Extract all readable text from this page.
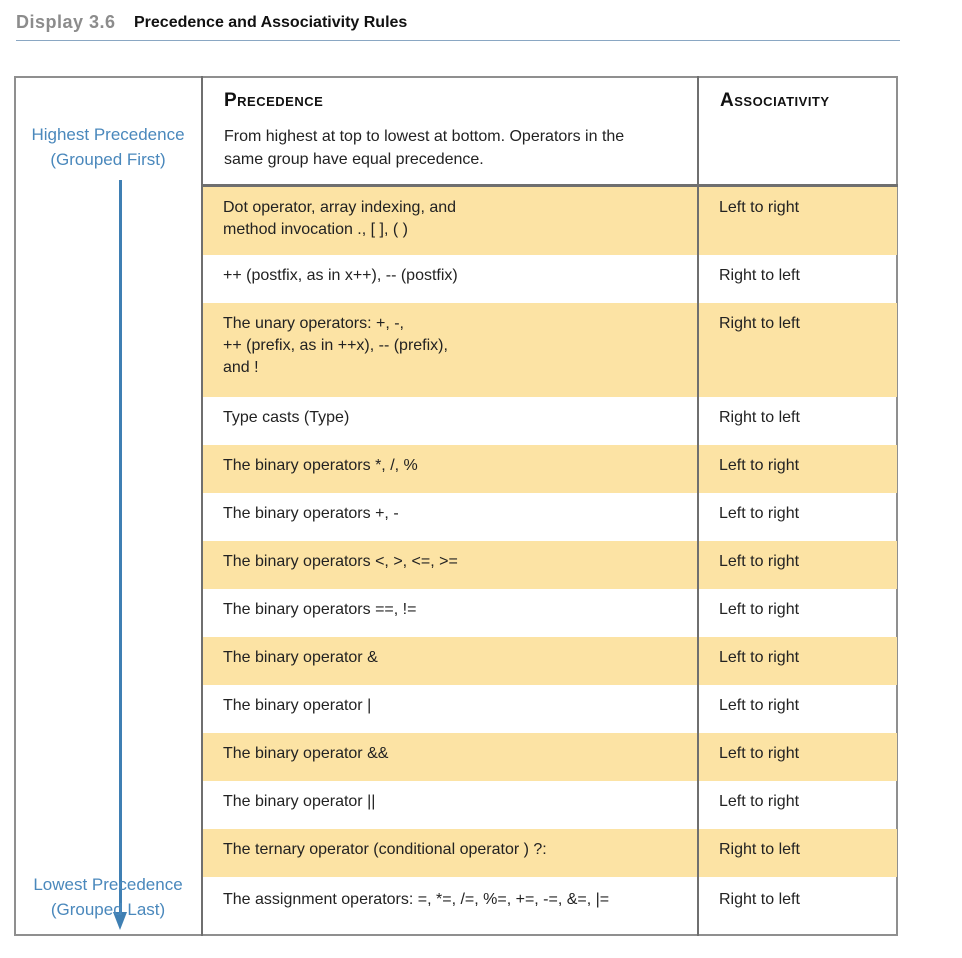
Display 3.6 Precedence and Associativity Rules
Highest Precedence
(Grouped First)
Lowest Precedence
(Grouped Last)
Precedence	Associativity
From highest at top to lowest at bottom. Operators in the
same group have equal precedence.
Dot operator, array indexing, and
method invocation ., [ ], ( )
Left to right
++ (postfix, as in x++), -- (postfix)	Right to left
The unary operators: +, -,
++ (prefix, as in ++x), -- (prefix),
and !
Right to left
Type casts (Type)	Right to left
The binary operators *, /, %	Left to right
The binary operators +, -	Left to right
The binary operators <, >, <=, >=	Left to right
The binary operators ==, !=	Left to right
The binary operator &	Left to right
The binary operator |	Left to right
The binary operator &&	Left to right
The binary operator ||	Left to right
The ternary operator (conditional operator ) ?:	Right to left
The assignment operators: =, *=, /=, %=, +=, -=, &=, |=	Right to left
